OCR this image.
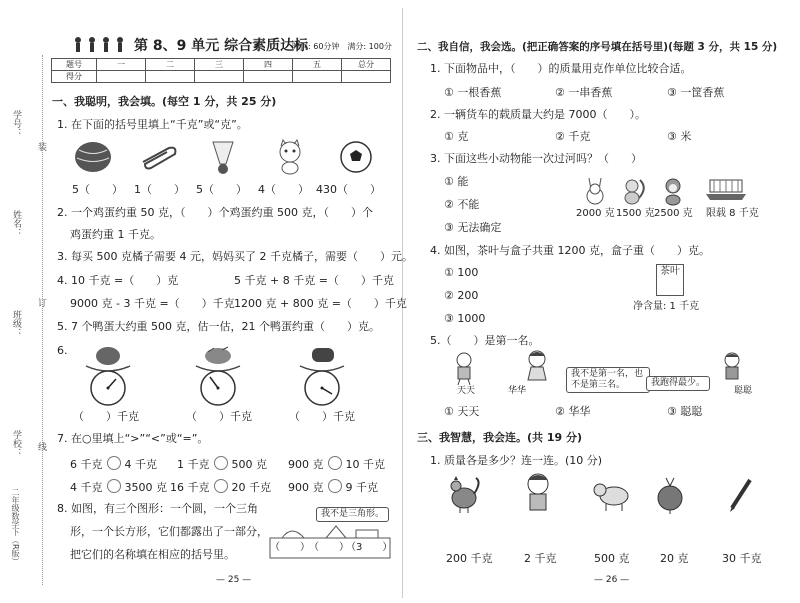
学号：
姓名：
班级：
学校：
二年级数学下（R版）
装
订
线
第 8、9 单元 综合素质达标
时间: 60分钟　满分: 100分
题号	一	二	三	四	五	总分
得分						
一、我聪明，我会填。(每空 1 分，共 25 分)
1. 在下面的括号里填上“千克”或“克”。
5（　　） 1（　　） 5（　　） 4（　　） 430（　　）
2. 一个鸡蛋约重 50 克，（　　）个鸡蛋约重 500 克，（　　）个
鸡蛋约重 1 千克。
3. 每买 500 克橘子需要 4 元，妈妈买了 2 千克橘子，需要（　　）元。
4. 10 千克 =（　　）克	5 千克 + 8 千克 =（　　）千克
9000 克 - 3 千克 =（　　）千克 1200 克 + 800 克 =（　　）千克
5. 7 个鸭蛋大约重 500 克，估一估，21 个鸭蛋约重（　　）克。
6.
（　　）千克	（　　）千克	（　　）千克
7. 在○里填上“>”“<”或“=”。
6 千克 4 千克 1 千克 500 克 900 克 10 千克
4 千克 3500 克 16 千克 20 千克 900 克 9 千克
8. 如图，有三个图形：一个圆，一个三角
形，一个长方形，它们都露出了一部分，
把它们的名称填在相应的括号里。
我不是三角形。
（　　） （　　）
（3　　）
— 25 —
二、我自信，我会选。(把正确答案的序号填在括号里)(每题 3 分，共 15 分)
1. 下面物品中，（　　）的质量用克作单位比较合适。
① 一根香蕉	② 一串香蕉	③ 一筐香蕉
2. 一辆货车的载质量大约是 7000（　　）。
① 克	② 千克	③ 米
3. 下面这些小动物能一次过河吗？（　　）
① 能
② 不能
③ 无法确定
2000 克 1500 克 2500 克 限载 8 千克
4. 如图，茶叶与盒子共重 1200 克，盒子重（　　）克。
① 100
② 200
③ 1000
茶叶
净含量: 1 千克
5.（　　）是第一名。
我不是第一名，也不是第三名。	我跑得最少。
天天	华华	聪聪
① 天天	② 华华	③ 聪聪
三、我智慧，我会连。(共 19 分)
1. 质量各是多少？连一连。(10 分)
200 千克	2 千克	500 克	20 克	30 千克
— 26 —
